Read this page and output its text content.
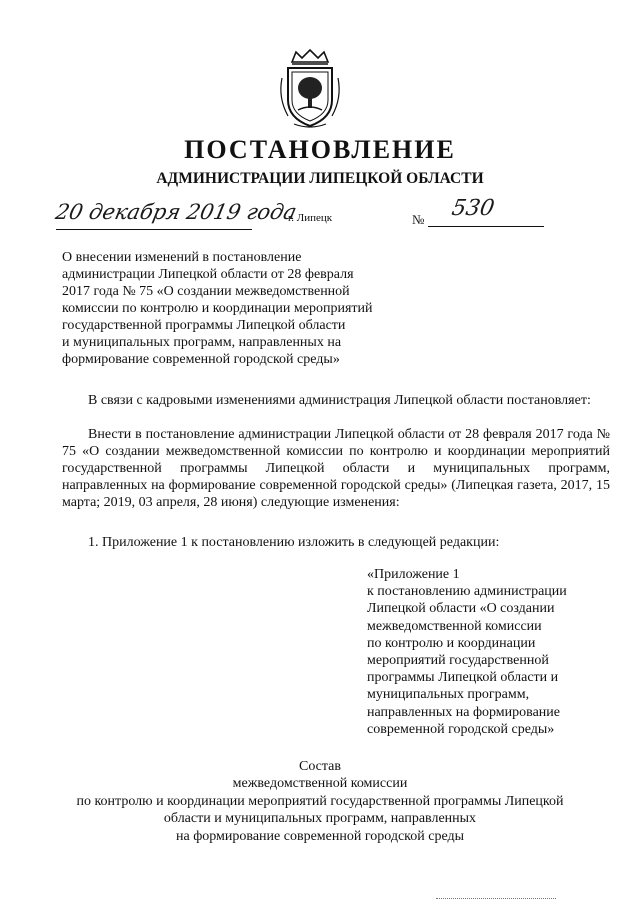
ПОСТАНОВЛЕНИЕ
АДМИНИСТРАЦИИ ЛИПЕЦКОЙ ОБЛАСТИ
20 декабря 2019 года
г. Липецк	№ 530
О внесении изменений в постановление
администрации Липецкой области от 28 февраля
2017 года № 75 «О создании межведомственной
комиссии по контролю и координации мероприятий
государственной программы Липецкой области
и муниципальных программ, направленных на
формирование современной городской среды»
В связи с кадровыми изменениями администрация Липецкой области постановляет:
Внести в постановление администрации Липецкой области от 28 февраля 2017 года № 75 «О создании межведомственной комиссии по контролю и координации мероприятий государственной программы Липецкой области и муниципальных программ, направленных на формирование современной городской среды» (Липецкая газета, 2017, 15 марта; 2019, 03 апреля, 28 июня) следующие изменения:
1. Приложение 1 к постановлению изложить в следующей редакции:
«Приложение 1
к постановлению администрации
Липецкой области «О создании
межведомственной комиссии
по контролю и координации
мероприятий государственной
программы Липецкой области и
муниципальных программ,
направленных на формирование
современной городской среды»
Состав
межведомственной комиссии
по контролю и координации мероприятий государственной программы Липецкой
области и муниципальных программ, направленных
на формирование современной городской среды
